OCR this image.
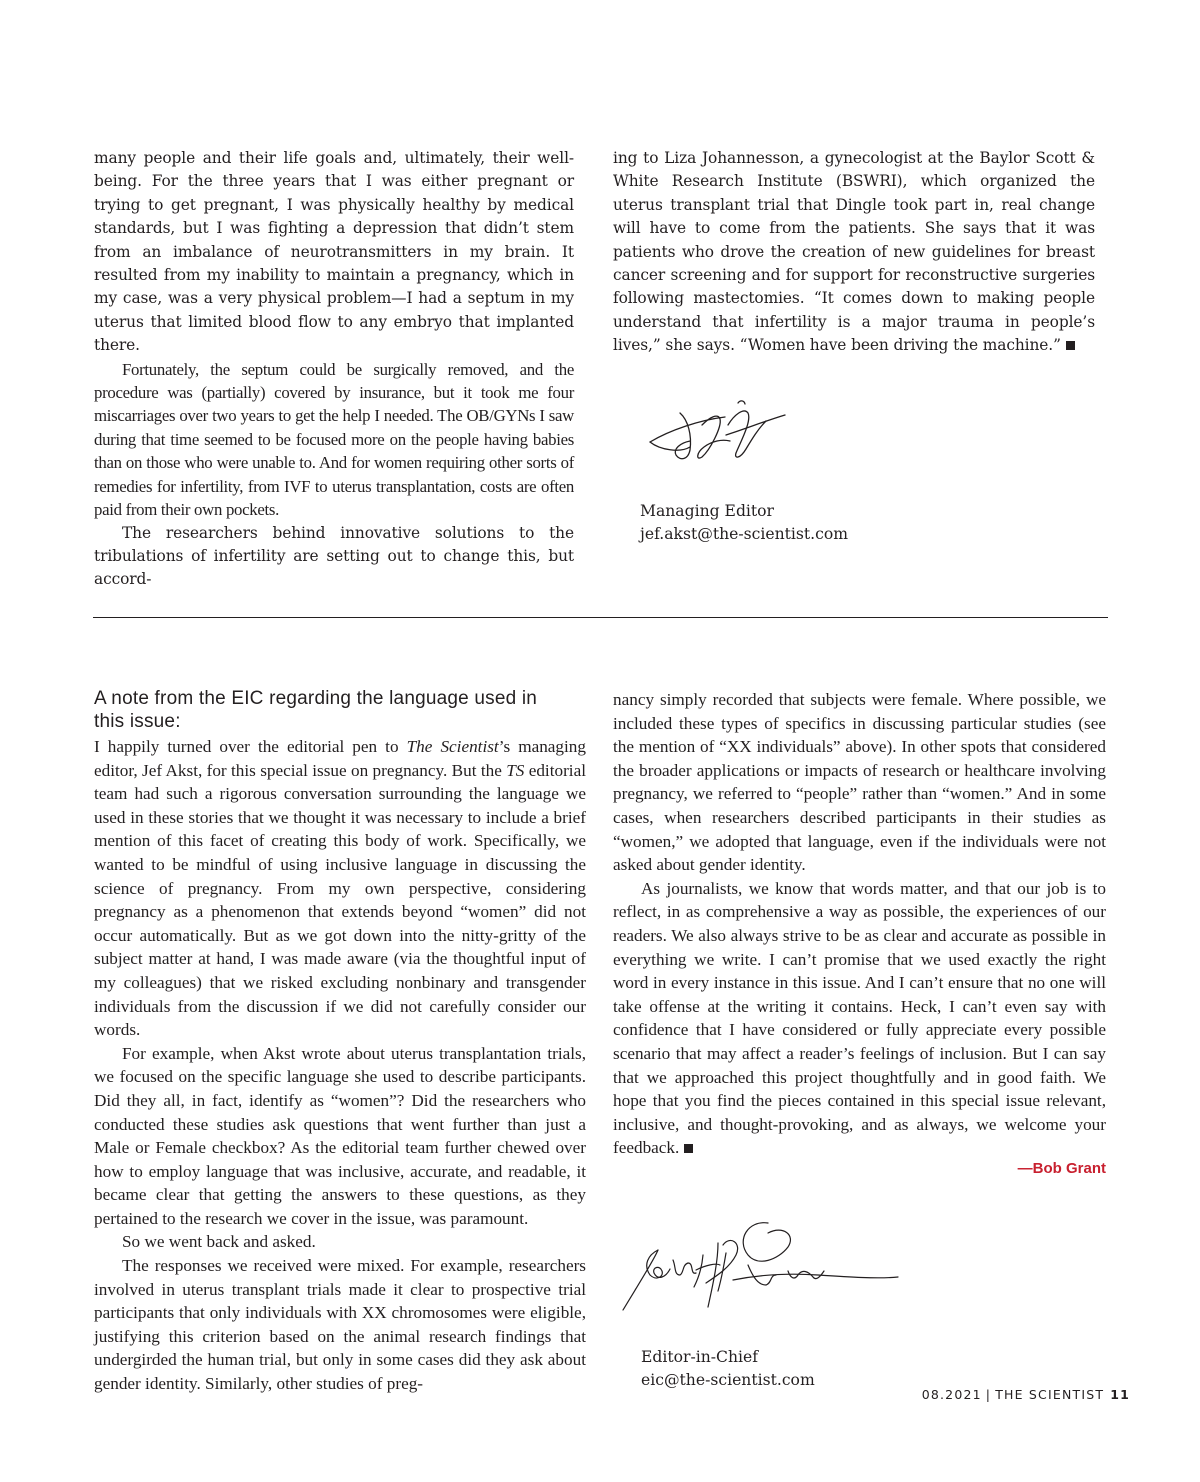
many people and their life goals and, ultimately, their well-being. For the three years that I was either pregnant or trying to get pregnant, I was physically healthy by medical standards, but I was fighting a depression that didn’t stem from an imbalance of neurotransmitters in my brain. It resulted from my inability to maintain a pregnancy, which in my case, was a very physical problem—I had a septum in my uterus that limited blood flow to any embryo that implanted there.

Fortunately, the septum could be surgically removed, and the procedure was (partially) covered by insurance, but it took me four miscarriages over two years to get the help I needed. The OB/GYNs I saw during that time seemed to be focused more on the people having babies than on those who were unable to. And for women requiring other sorts of remedies for infertility, from IVF to uterus transplantation, costs are often paid from their own pockets.

The researchers behind innovative solutions to the tribulations of infertility are setting out to change this, but accord-

ing to Liza Johannesson, a gynecologist at the Baylor Scott & White Research Institute (BSWRI), which organized the uterus transplant trial that Dingle took part in, real change will have to come from the patients. She says that it was patients who drove the creation of new guidelines for breast cancer screening and for support for reconstructive surgeries following mastectomies. “It comes down to making people understand that infertility is a major trauma in people’s lives,” she says. “Women have been driving the machine.”

Managing Editor
jef.akst@the-scientist.com
A note from the EIC regarding the language used in this issue:

I happily turned over the editorial pen to The Scientist’s managing editor, Jef Akst, for this special issue on pregnancy. But the TS editorial team had such a rigorous conversation surrounding the language we used in these stories that we thought it was necessary to include a brief mention of this facet of creating this body of work. Specifically, we wanted to be mindful of using inclusive language in discussing the science of pregnancy. From my own perspective, considering pregnancy as a phenomenon that extends beyond “women” did not occur automatically. But as we got down into the nitty-gritty of the subject matter at hand, I was made aware (via the thoughtful input of my colleagues) that we risked excluding nonbinary and transgender individuals from the discussion if we did not carefully consider our words.

For example, when Akst wrote about uterus transplantation trials, we focused on the specific language she used to describe participants. Did they all, in fact, identify as “women”? Did the researchers who conducted these studies ask questions that went further than just a Male or Female checkbox? As the editorial team further chewed over how to employ language that was inclusive, accurate, and readable, it became clear that getting the answers to these questions, as they pertained to the research we cover in the issue, was paramount.

So we went back and asked.

The responses we received were mixed. For example, researchers involved in uterus transplant trials made it clear to prospective trial participants that only individuals with XX chromosomes were eligible, justifying this criterion based on the animal research findings that undergirded the human trial, but only in some cases did they ask about gender identity. Similarly, other studies of preg-

nancy simply recorded that subjects were female. Where possible, we included these types of specifics in discussing particular studies (see the mention of “XX individuals” above). In other spots that considered the broader applications or impacts of research or healthcare involving pregnancy, we referred to “people” rather than “women.” And in some cases, when researchers described participants in their studies as “women,” we adopted that language, even if the individuals were not asked about gender identity.

As journalists, we know that words matter, and that our job is to reflect, in as comprehensive a way as possible, the experiences of our readers. We also always strive to be as clear and accurate as possible in everything we write. I can’t promise that we used exactly the right word in every instance in this issue. And I can’t ensure that no one will take offense at the writing it contains. Heck, I can’t even say with confidence that I have considered or fully appreciate every possible scenario that may affect a reader’s feelings of inclusion. But I can say that we approached this project thoughtfully and in good faith. We hope that you find the pieces contained in this special issue relevant, inclusive, and thought-provoking, and as always, we welcome your feedback.

—Bob Grant
Editor-in-Chief
eic@the-scientist.com
08.2021 | THE SCIENTIST 11
